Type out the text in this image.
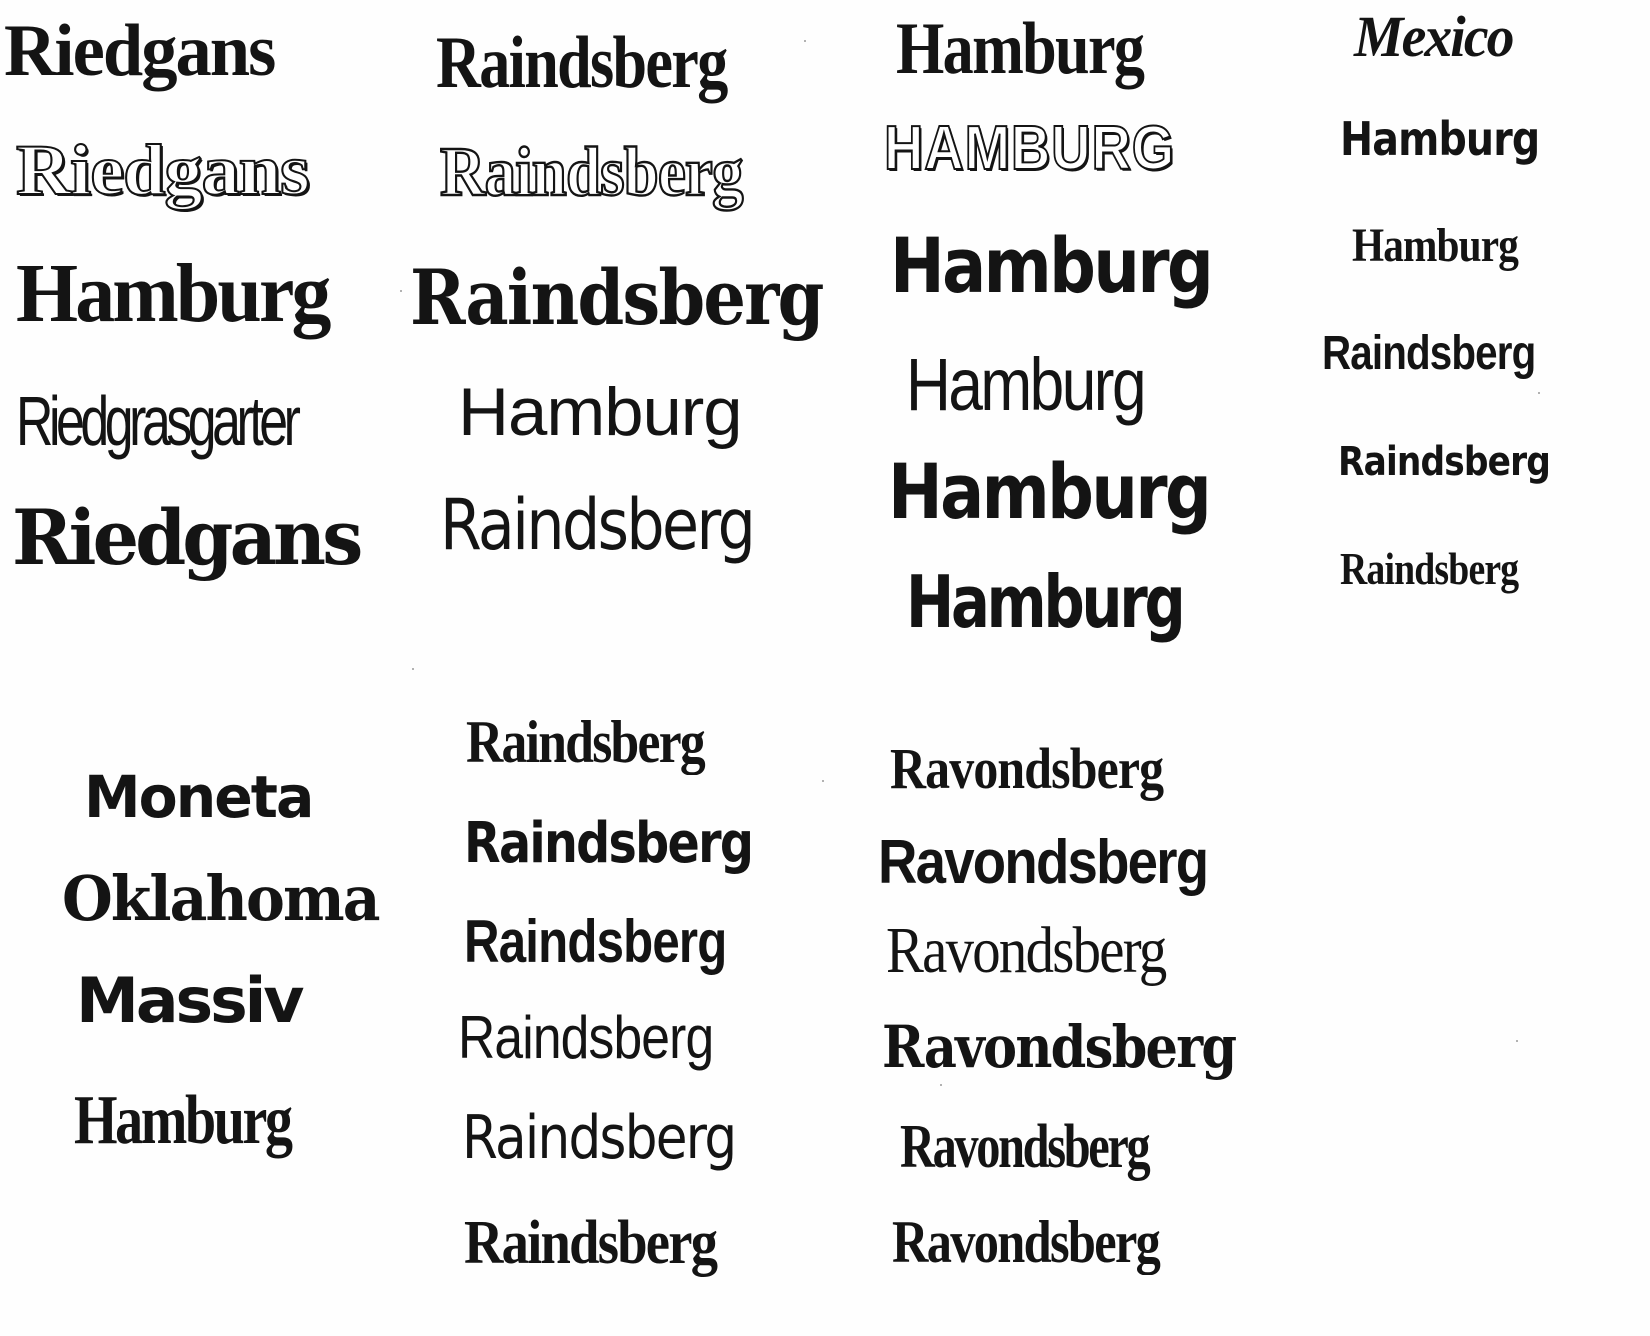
Riedgans
Riedgans
Hamburg
Riedgrasgarter
Riedgans
Moneta
Oklahoma
Massiv
Hamburg
Raindsberg
Raindsberg
Raindsberg
Hamburg
Raindsberg
Raindsberg
Raindsberg
Raindsberg
Raindsberg
Raindsberg
Raindsberg
Hamburg
HAMBURG
Hamburg
Hamburg
Hamburg
Hamburg
Ravondsberg
Ravondsberg
Ravondsberg
Ravondsberg
Ravondsberg
Ravondsberg
Mexico
Hamburg
Hamburg
Raindsberg
Raindsberg
Raindsberg
